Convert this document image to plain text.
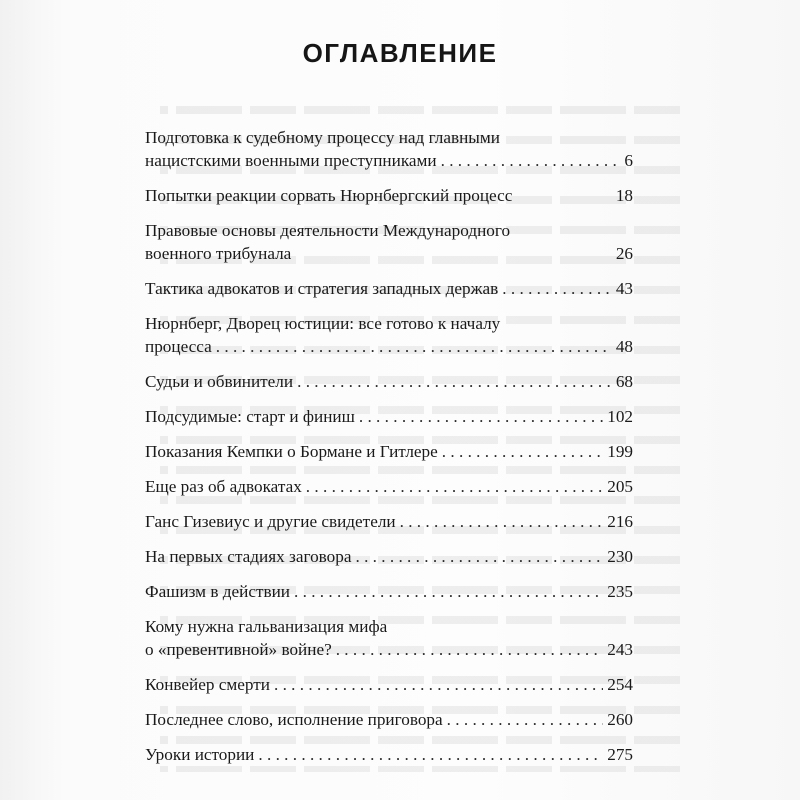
ОГЛАВЛЕНИЕ
Подготовка к судебному процессу над главными
нацистскими военными преступниками . . .	6
Попытки реакции сорвать Нюрнбергский процесс	18
Правовые основы деятельности Международного
военного трибунала	26
Тактика адвокатов и стратегия западных держав . . .	43
Нюрнберг, Дворец юстиции: все готово к началу
процесса . . .	48
Судьи и обвинители . . .	68
Подсудимые: старт и финиш . . .	102
Показания Кемпки о Бормане и Гитлере . . .	199
Еще раз об адвокатах . . .	205
Ганс Гизевиус и другие свидетели . . .	216
На первых стадиях заговора . . .	230
Фашизм в действии . . .	235
Кому нужна гальванизация мифа
о «превентивной» войне? . . .	243
Конвейер смерти . . .	254
Последнее слово, исполнение приговора . . .	260
Уроки истории . . .	275
